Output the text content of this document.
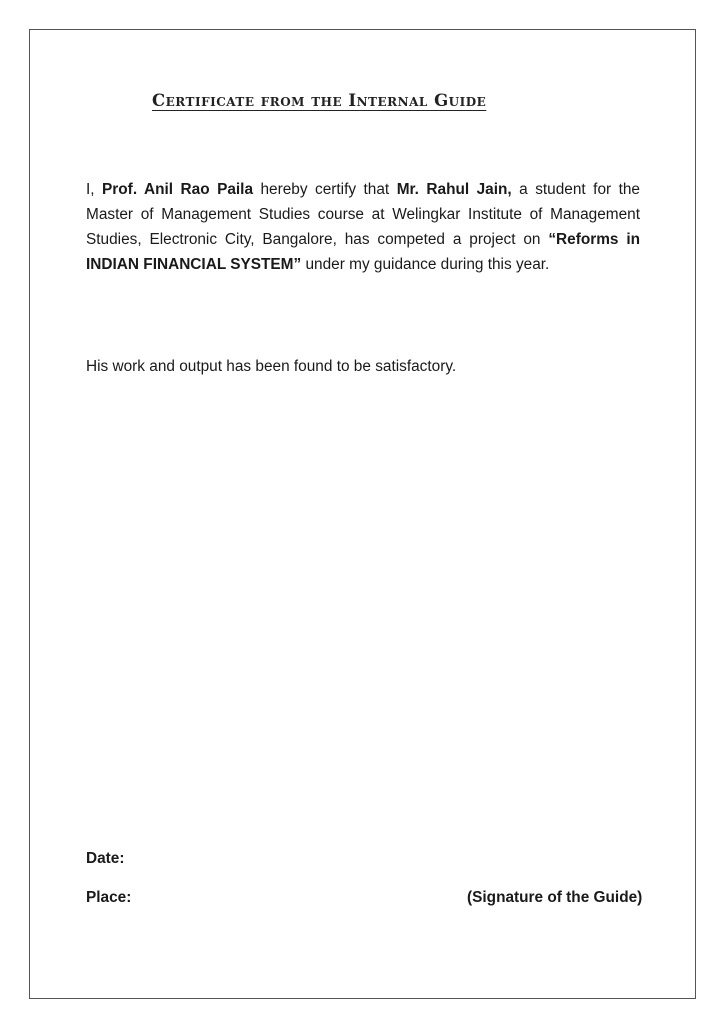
Certificate from the Internal Guide

I, Prof. Anil Rao Paila hereby certify that Mr. Rahul Jain, a student for the Master of Management Studies course at Welingkar Institute of Management Studies, Electronic City, Bangalore, has competed a project on “Reforms in INDIAN FINANCIAL SYSTEM” under my guidance during this year.

His work and output has been found to be satisfactory.

Date:

Place:	(Signature of the Guide)
